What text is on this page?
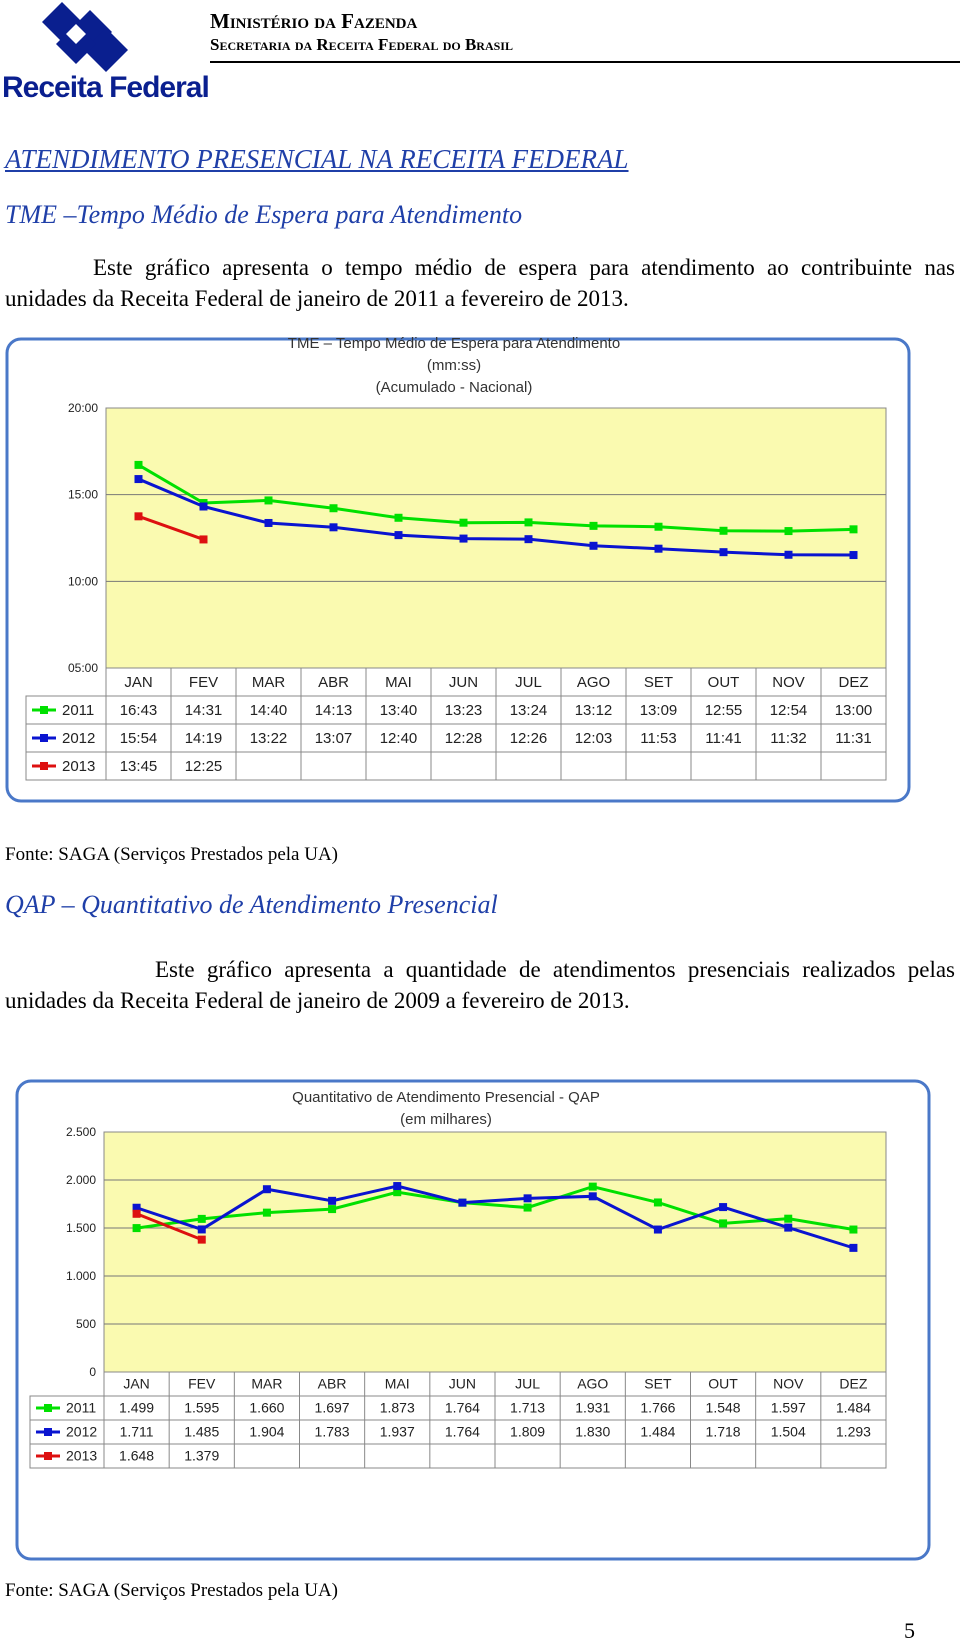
Receita Federal
Ministério da Fazenda
Secretaria da Receita Federal do Brasil
ATENDIMENTO PRESENCIAL NA RECEITA FEDERAL
TME –Tempo Médio de Espera para Atendimento

Este gráfico apresenta o tempo médio de espera para atendimento ao contribuinte nas unidades da Receita Federal de janeiro de 2011 a fevereiro de 2013.

TME – Tempo Médio de Espera para Atendimento
(mm:ss)
(Acumulado - Nacional)
05:00
10:00
15:00
20:00
JAN FEV MAR ABR MAI JUN JUL AGO SET OUT NOV DEZ
2011 16:43 14:31 14:40 14:13 13:40 13:23 13:24 13:12 13:09 12:55 12:54 13:00
2012 15:54 14:19 13:22 13:07 12:40 12:28 12:26 12:03 11:53 11:41 11:32 11:31
2013 13:45 12:25

Fonte: SAGA (Serviços Prestados pela UA)

QAP – Quantitativo de Atendimento Presencial

Este gráfico apresenta a quantidade de atendimentos presenciais realizados pelas unidades da Receita Federal de janeiro de 2009 a fevereiro de 2013.

Quantitativo de Atendimento Presencial - QAP
(em milhares)
0
500
1.000
1.500
2.000
2.500
JAN	FEV	MAR	ABR	MAI	JUN	JUL	AGO	SET	OUT	NOV	DEZ
2011 1.499 1.595 1.660 1.697 1.873 1.764 1.713 1.931 1.766 1.548 1.597 1.484
2012 1.711 1.485 1.904 1.783 1.937 1.764 1.809 1.830 1.484 1.718 1.504 1.293
2013 1.648 1.379

Fonte: SAGA (Serviços Prestados pela UA)

5
